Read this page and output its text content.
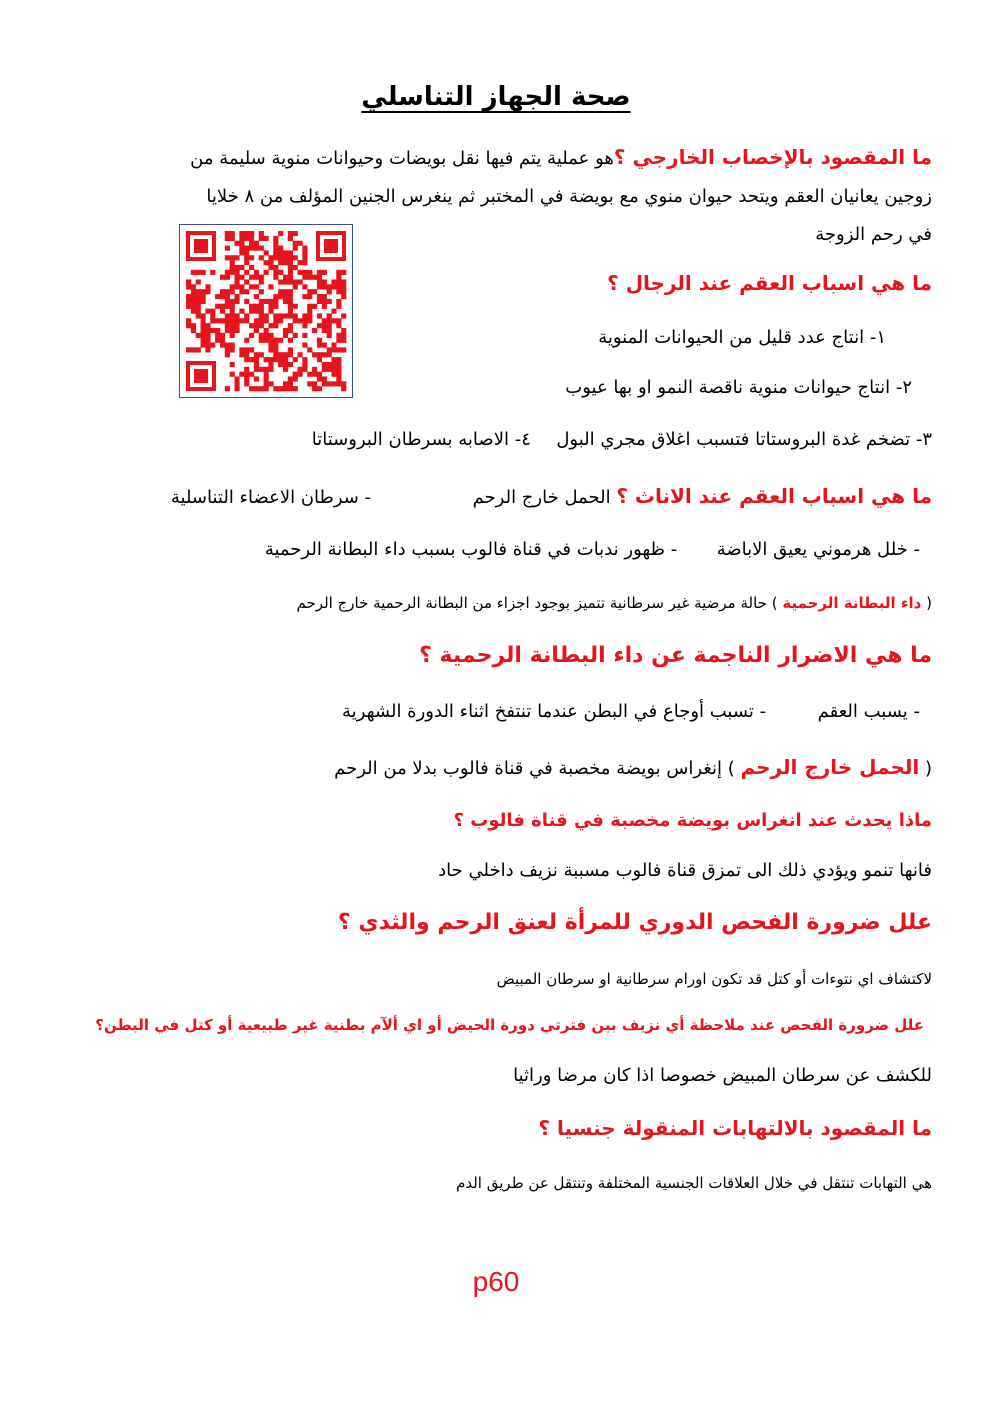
صحة الجهاز التناسلي
ما المقصود بالإخصاب الخارجي ؟هو عملية يتم فيها نقل بويضات وحيوانات منوية سليمة من
زوجين يعانيان العقم ويتحد حيوان منوي مع بويضة في المختبر ثم ينغرس الجنين المؤلف من ٨ خلايا
في رحم الزوجة
ما هي اسباب العقم عند الرجال ؟
١- انتاج عدد قليل من الحيوانات المنوية
٢- انتاج حيوانات منوية ناقصة النمو او بها عيوب
٣- تضخم غدة البروستاتا فتسبب اغلاق مجري البول  ٤- الاصابه بسرطان البروستاتا
ما هي اسباب العقم عند الاناث ؟ الحمل خارج الرحم  - سرطان الاعضاء التناسلية
- خلل هرموني يعيق الاباضة  - ظهور ندبات في قناة فالوب بسبب داء البطانة الرحمية
( داء البطانة الرحمية ) حالة مرضية غير سرطانية تتميز بوجود اجزاء من البطانة الرحمية خارج الرحم
ما هي الاضرار الناجمة عن داء البطانة الرحمية ؟
- يسبب العقم  - تسبب أوجاع في البطن عندما تنتفخ اثناء الدورة الشهرية
( الحمل خارج الرحم ) إنغراس بويضة مخصبة في قناة فالوب بدلا من الرحم
ماذا يحدث عند انغراس بويضة مخصبة في قناة فالوب ؟
فانها تنمو ويؤدي ذلك الى تمزق قناة فالوب مسببة نزيف داخلي حاد
علل ضرورة الفحص الدوري للمرأة لعنق الرحم والثدي ؟
لاكتشاف اي نتوءات أو كتل قد تكون اورام سرطانية او سرطان المبيض
علل ضرورة الفحص عند ملاحظة أي نزيف بين فترتي دورة الحيض أو اي ألآم بطنية غير طبيعية أو كتل في البطن؟
للكشف عن سرطان المبيض خصوصا اذا كان مرضا وراثيا
ما المقصود بالالتهابات المنقولة جنسيا ؟
هي التهابات تنتقل في خلال العلاقات الجنسية المختلفة وتنتقل عن طريق الدم
p60
